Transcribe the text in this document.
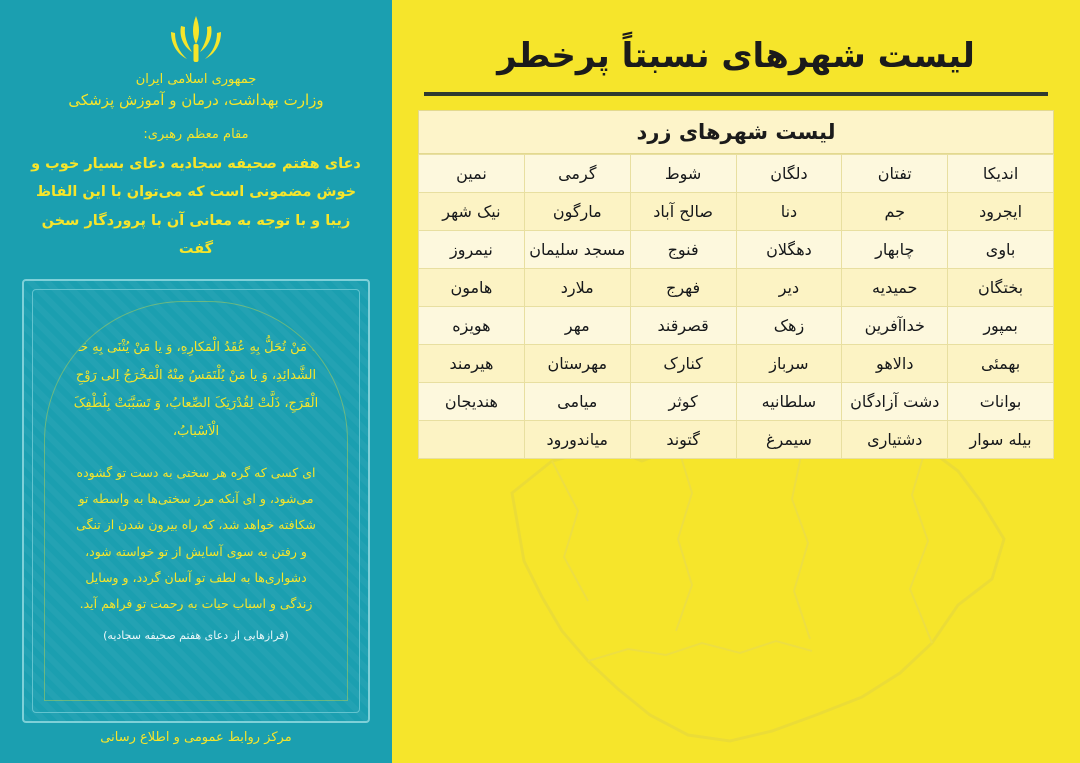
لیست شهرهای نسبتاً پرخطر
لیست شهرهای زرد
اندیکا	تفتان	دلگان	شوط	گرمی	نمین
ایجرود	جم	دنا	صالح آباد	مارگون	نیک شهر
باوی	چابهار	دهگلان	فنوج	مسجد سلیمان	نیمروز
بختگان	حمیدیه	دیر	فهرج	ملارد	هامون
بمپور	خداآفرین	زهک	قصرقند	مهر	هویزه
بهمئی	دالاهو	سرباز	کنارک	مهرستان	هیرمند
بوانات	دشت آزادگان	سلطانیه	کوثر	میامی	هندیجان
بیله سوار	دشتیاری	سیمرغ	گتوند	میاندورود	
جمهوری اسلامی ایران
وزارت بهداشت، درمان و آموزش پزشکی
مقام معظم رهبری:
دعای هفتم صحیفه سجادیه دعای بسیار خوب و خوش مضمونی است که می‌توان با این الفاظ زیبا و با توجه به معانی آن با پروردگار سخن گفت
یا مَنْ تُحَلُّ بِهِ عُقَدُ الْمَکارِهِ، وَ یا مَنْ یُثْنَی بِهِ حَدُّ الشَّدائِدِ، وَ یا مَنْ یُلْتَمَسُ مِنْهُ الْمَخْرَجُ اِلی رَوْحِ الْفَرَجِ، ذَلَّتْ لِقُدْرَتِکَ الصِّعابُ، وَ تَسَبَّبَتْ بِلُطْفِکَ الْاَسْبابُ،
ای کسی که گره هر سختی به دست تو گشوده می‌شود، و ای آنکه مرز سختی‌ها به واسطه تو شکافته خواهد شد، که راه بیرون شدن از تنگی و رفتن به سوی آسایش از تو خواسته شود، دشواری‌ها به لطف تو آسان گردد، و وسایل زندگی و اسباب حیات به رحمت تو فراهم آید.
(فرازهایی از دعای هفتم صحیفه سجادیه)
مرکز روابط عمومی و اطلاع رسانی
